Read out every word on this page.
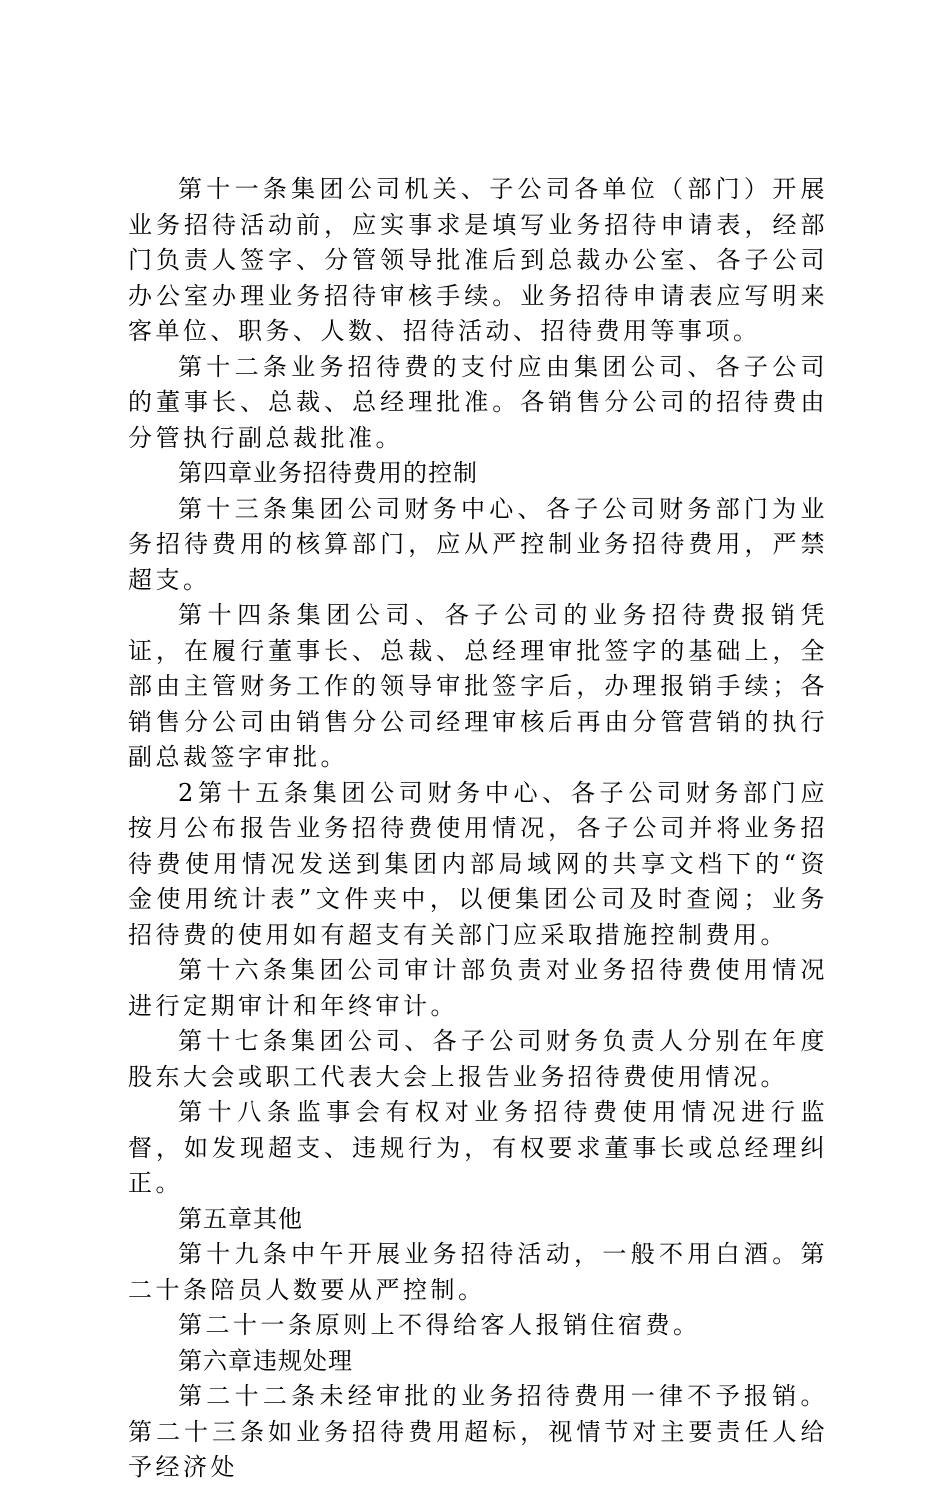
第十一条集团公司机关、子公司各单位（部门）开展业务招待活动前，应实事求是填写业务招待申请表，经部门负责人签字、分管领导批准后到总裁办公室、各子公司办公室办理业务招待审核手续。业务招待申请表应写明来客单位、职务、人数、招待活动、招待费用等事项。

第十二条业务招待费的支付应由集团公司、各子公司的董事长、总裁、总经理批准。各销售分公司的招待费由分管执行副总裁批准。

第四章业务招待费用的控制

第十三条集团公司财务中心、各子公司财务部门为业务招待费用的核算部门，应从严控制业务招待费用，严禁超支。

第十四条集团公司、各子公司的业务招待费报销凭证，在履行董事长、总裁、总经理审批签字的基础上，全部由主管财务工作的领导审批签字后，办理报销手续；各销售分公司由销售分公司经理审核后再由分管营销的执行副总裁签字审批。

2第十五条集团公司财务中心、各子公司财务部门应按月公布报告业务招待费使用情况，各子公司并将业务招待费使用情况发送到集团内部局域网的共享文档下的“资金使用统计表”文件夹中，以便集团公司及时查阅；业务招待费的使用如有超支有关部门应采取措施控制费用。

第十六条集团公司审计部负责对业务招待费使用情况进行定期审计和年终审计。

第十七条集团公司、各子公司财务负责人分别在年度股东大会或职工代表大会上报告业务招待费使用情况。

第十八条监事会有权对业务招待费使用情况进行监督，如发现超支、违规行为，有权要求董事长或总经理纠正。

第五章其他

第十九条中午开展业务招待活动，一般不用白酒。第二十条陪员人数要从严控制。

第二十一条原则上不得给客人报销住宿费。

第六章违规处理

第二十二条未经审批的业务招待费用一律不予报销。第二十三条如业务招待费用超标，视情节对主要责任人给予经济处
